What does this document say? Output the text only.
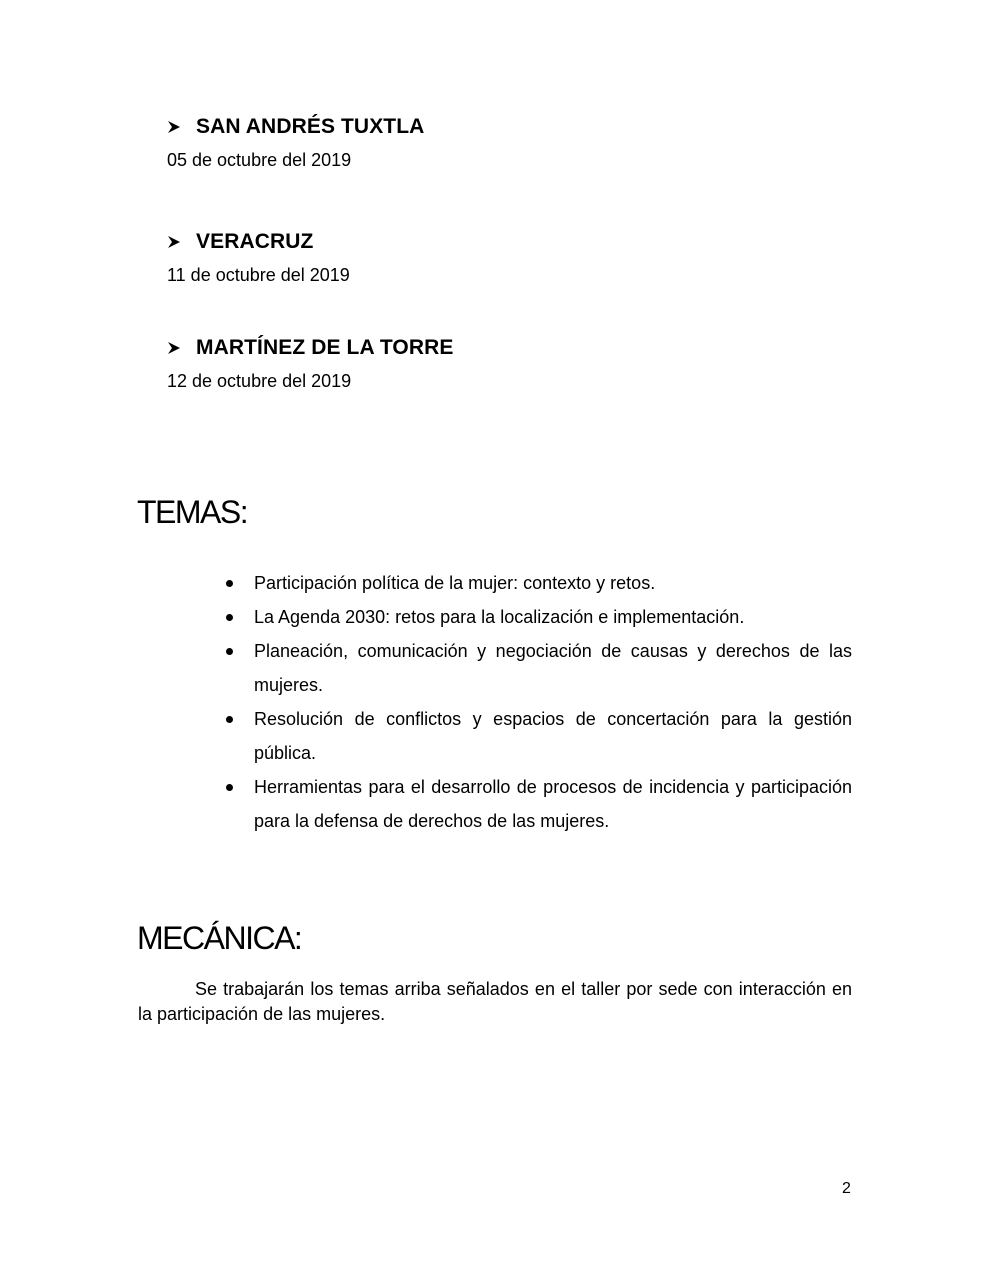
SAN ANDRÉS TUXTLA
05 de octubre del 2019
VERACRUZ
11 de octubre del 2019
MARTÍNEZ DE LA TORRE
12 de octubre del 2019
TEMAS:
Participación política de la mujer: contexto y retos.
La Agenda 2030: retos para la localización e implementación.
Planeación, comunicación y negociación de causas y derechos de las mujeres.
Resolución de conflictos y espacios de concertación para la gestión pública.
Herramientas para el desarrollo de procesos de incidencia y participación para la defensa de derechos de las mujeres.
MECÁNICA:

Se trabajarán los temas arriba señalados en el taller por sede con interacción en la participación de las mujeres.

2
